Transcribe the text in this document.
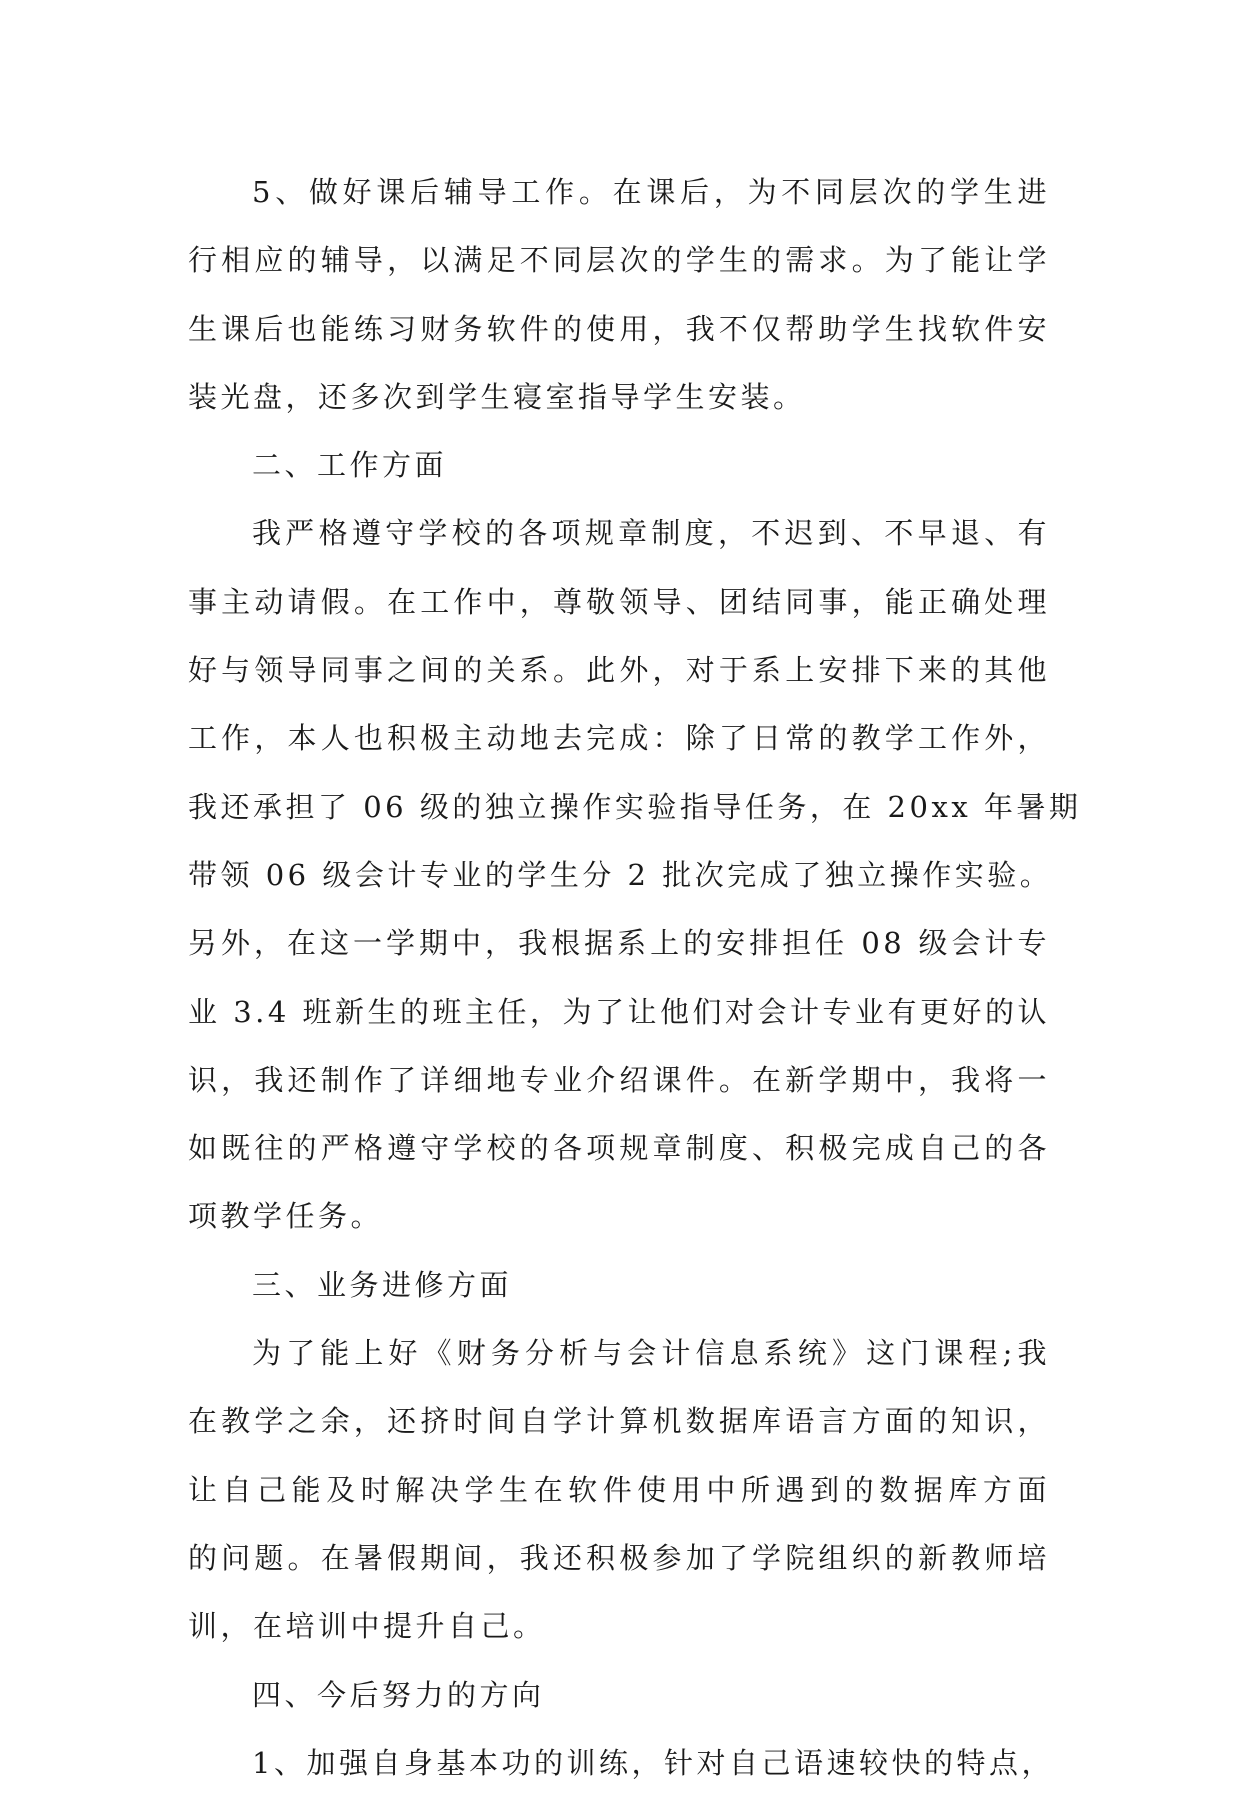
5、做好课后辅导工作。在课后，为不同层次的学生进
行相应的辅导，以满足不同层次的学生的需求。为了能让学
生课后也能练习财务软件的使用，我不仅帮助学生找软件安
装光盘，还多次到学生寝室指导学生安装。
二、工作方面
我严格遵守学校的各项规章制度，不迟到、不早退、有
事主动请假。在工作中，尊敬领导、团结同事，能正确处理
好与领导同事之间的关系。此外，对于系上安排下来的其他
工作，本人也积极主动地去完成：除了日常的教学工作外，
我还承担了 06 级的独立操作实验指导任务，在 20xx 年暑期
带领 06 级会计专业的学生分 2 批次完成了独立操作实验。
另外，在这一学期中，我根据系上的安排担任 08 级会计专
业 3.4 班新生的班主任，为了让他们对会计专业有更好的认
识，我还制作了详细地专业介绍课件。在新学期中，我将一
如既往的严格遵守学校的各项规章制度、积极完成自己的各
项教学任务。
三、业务进修方面
为了能上好《财务分析与会计信息系统》这门课程;我
在教学之余，还挤时间自学计算机数据库语言方面的知识，
让自己能及时解决学生在软件使用中所遇到的数据库方面
的问题。在暑假期间，我还积极参加了学院组织的新教师培
训，在培训中提升自己。
四、今后努力的方向
1、加强自身基本功的训练，针对自己语速较快的特点，
